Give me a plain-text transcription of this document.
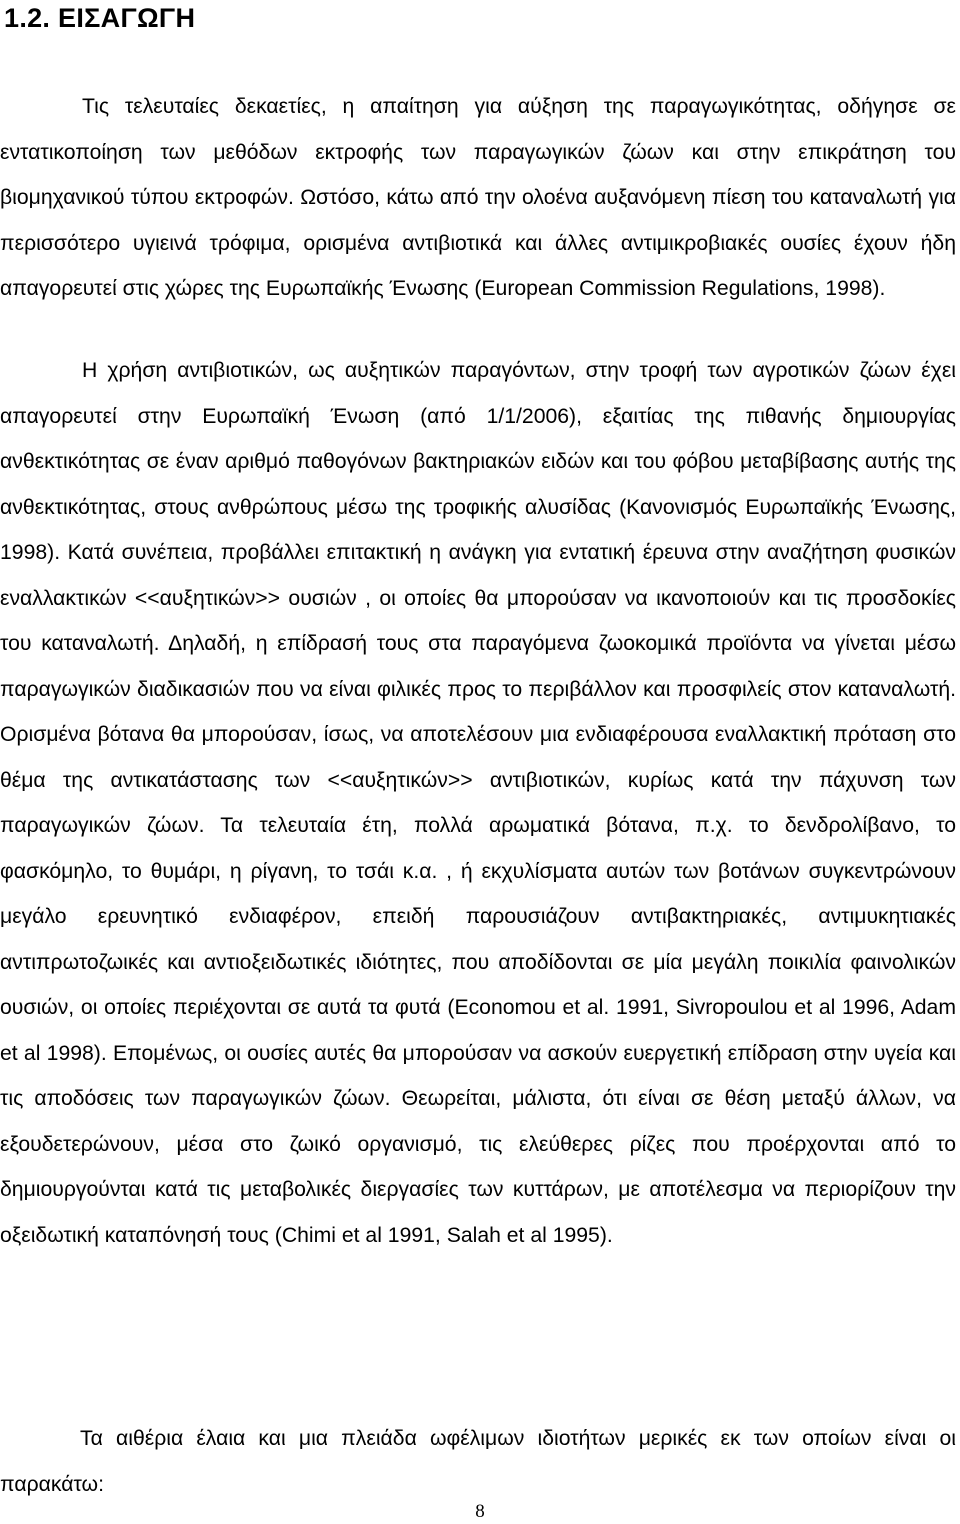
1.2. ΕΙΣΑΓΩΓΗ

Τις τελευταίες δεκαετίες, η απαίτηση για αύξηση της παραγωγικότητας, οδήγησε σε εντατικοποίηση των μεθόδων εκτροφής των παραγωγικών ζώων και στην επικράτηση του βιομηχανικού τύπου εκτροφών. Ωστόσο, κάτω από την ολοένα αυξανόμενη πίεση του καταναλωτή για περισσότερο υγιεινά τρόφιμα, ορισμένα αντιβιοτικά και άλλες αντιμικροβιακές ουσίες έχουν ήδη απαγορευτεί στις χώρες της Ευρωπαϊκής Ένωσης (European Commission Regulations, 1998).

Η χρήση αντιβιοτικών, ως αυξητικών παραγόντων, στην τροφή των αγροτικών ζώων έχει απαγορευτεί στην Ευρωπαϊκή Ένωση (από 1/1/2006), εξαιτίας της πιθανής δημιουργίας ανθεκτικότητας σε έναν αριθμό παθογόνων βακτηριακών ειδών και του φόβου μεταβίβασης αυτής της ανθεκτικότητας, στους ανθρώπους μέσω της τροφικής αλυσίδας (Κανονισμός Ευρωπαϊκής Ένωσης, 1998). Κατά συνέπεια, προβάλλει επιτακτική η ανάγκη για εντατική έρευνα στην αναζήτηση φυσικών εναλλακτικών <<αυξητικών>> ουσιών , οι οποίες θα μπορούσαν να ικανοποιούν και τις προσδοκίες του καταναλωτή. Δηλαδή, η επίδρασή τους στα παραγόμενα ζωοκομικά προϊόντα να γίνεται μέσω παραγωγικών διαδικασιών που να είναι φιλικές προς το περιβάλλον και προσφιλείς στον καταναλωτή. Ορισμένα βότανα θα μπορούσαν, ίσως, να αποτελέσουν μια ενδιαφέρουσα εναλλακτική πρόταση στο θέμα της αντικατάστασης των <<αυξητικών>> αντιβιοτικών, κυρίως κατά την πάχυνση των παραγωγικών ζώων. Τα τελευταία έτη, πολλά αρωματικά βότανα, π.χ. το δενδρολίβανο, το φασκόμηλο, το θυμάρι, η ρίγανη, το τσάι κ.α. , ή εκχυλίσματα αυτών των βοτάνων συγκεντρώνουν μεγάλο ερευνητικό ενδιαφέρον, επειδή παρουσιάζουν αντιβακτηριακές, αντιμυκητιακές αντιπρωτοζωικές και αντιοξειδωτικές ιδιότητες, που αποδίδονται σε μία μεγάλη ποικιλία φαινολικών ουσιών, οι οποίες περιέχονται σε αυτά τα φυτά (Economou et al. 1991, Sivropoulou et al 1996, Adam et al 1998). Επομένως, οι ουσίες αυτές θα μπορούσαν να ασκούν ευεργετική επίδραση στην υγεία και τις αποδόσεις των παραγωγικών ζώων. Θεωρείται, μάλιστα, ότι είναι σε θέση μεταξύ άλλων, να εξουδετερώνουν, μέσα στο ζωικό οργανισμό, τις ελεύθερες ρίζες που προέρχονται από το δημιουργούνται κατά τις μεταβολικές διεργασίες των κυττάρων, με αποτέλεσμα να περιορίζουν την οξειδωτική καταπόνησή τους (Chimi et al 1991, Salah et al 1995).

Τα αιθέρια έλαια και μια πλειάδα ωφέλιμων ιδιοτήτων μερικές εκ των οποίων είναι οι παρακάτω:

8
